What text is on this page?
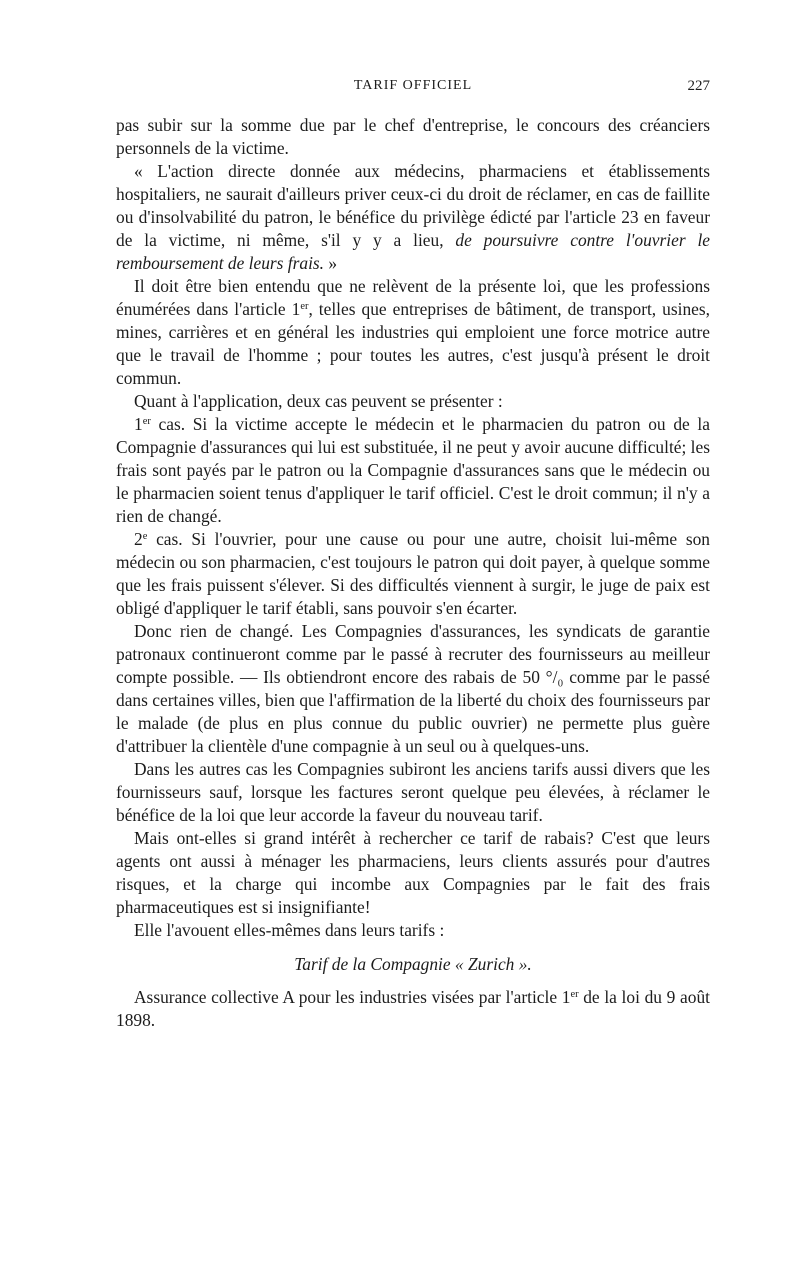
TARIF OFFICIEL	227

pas subir sur la somme due par le chef d'entreprise, le concours des créanciers personnels de la victime.

« L'action directe donnée aux médecins, pharmaciens et établissements hospitaliers, ne saurait d'ailleurs priver ceux-ci du droit de réclamer, en cas de faillite ou d'insolvabilité du patron, le bénéfice du privilège édicté par l'article 23 en faveur de la victime, ni même, s'il y y a lieu, de poursuivre contre l'ouvrier le remboursement de leurs frais. »

Il doit être bien entendu que ne relèvent de la présente loi, que les professions énumérées dans l'article 1er, telles que entreprises de bâtiment, de transport, usines, mines, carrières et en général les industries qui emploient une force motrice autre que le travail de l'homme ; pour toutes les autres, c'est jusqu'à présent le droit commun.

Quant à l'application, deux cas peuvent se présenter :

1er cas. Si la victime accepte le médecin et le pharmacien du patron ou de la Compagnie d'assurances qui lui est substituée, il ne peut y avoir aucune difficulté; les frais sont payés par le patron ou la Compagnie d'assurances sans que le médecin ou le pharmacien soient tenus d'appliquer le tarif officiel. C'est le droit commun; il n'y a rien de changé.

2e cas. Si l'ouvrier, pour une cause ou pour une autre, choisit lui-même son médecin ou son pharmacien, c'est toujours le patron qui doit payer, à quelque somme que les frais puissent s'élever. Si des difficultés viennent à surgir, le juge de paix est obligé d'appliquer le tarif établi, sans pouvoir s'en écarter.

Donc rien de changé. Les Compagnies d'assurances, les syndicats de garantie patronaux continueront comme par le passé à recruter des fournisseurs au meilleur compte possible. — Ils obtiendront encore des rabais de 50 °/₀ comme par le passé dans certaines villes, bien que l'affirmation de la liberté du choix des fournisseurs par le malade (de plus en plus connue du public ouvrier) ne permette plus guère d'attribuer la clientèle d'une compagnie à un seul ou à quelques-uns.

Dans les autres cas les Compagnies subiront les anciens tarifs aussi divers que les fournisseurs sauf, lorsque les factures seront quelque peu élevées, à réclamer le bénéfice de la loi que leur accorde la faveur du nouveau tarif.

Mais ont-elles si grand intérêt à rechercher ce tarif de rabais? C'est que leurs agents ont aussi à ménager les pharmaciens, leurs clients assurés pour d'autres risques, et la charge qui incombe aux Compagnies par le fait des frais pharmaceutiques est si insignifiante!

Elle l'avouent elles-mêmes dans leurs tarifs :

Tarif de la Compagnie « Zurich ».

Assurance collective A pour les industries visées par l'article 1er de la loi du 9 août 1898.
